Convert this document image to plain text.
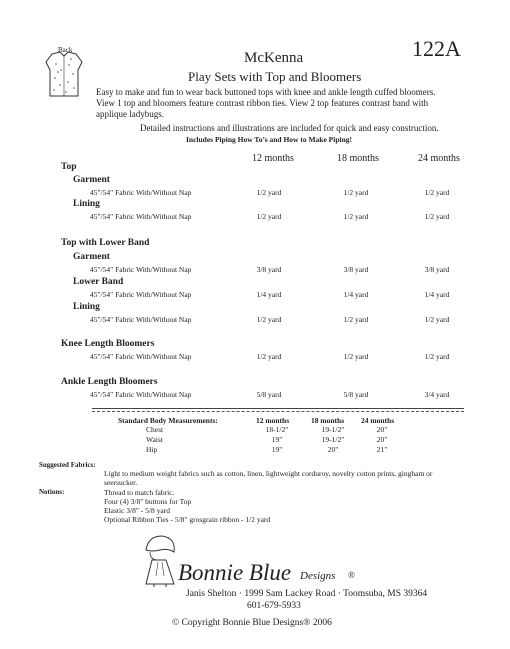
Back	122A
McKenna
Play Sets with Top and Bloomers
Easy to make and fun to wear back buttoned tops with knee and ankle length cuffed bloomers.
View 1 top and bloomers feature contrast ribbon ties. View 2 top features contrast band with
applique ladybugs.
Detailed instructions and illustrations are included for quick and easy construction.
Includes Piping How To’s and How to Make Piping!
12 months	18 months	24 months
Top
Garment
45"/54" Fabric With/Without Nap	1/2 yard	1/2 yard	1/2 yard
Lining
45"/54" Fabric With/Without Nap	1/2 yard	1/2 yard	1/2 yard
Top with Lower Band
Garment
45"/54" Fabric With/Without Nap	3/8 yard	3/8 yard	3/8 yard
Lower Band
45"/54" Fabric With/Without Nap	1/4 yard	1/4 yard	1/4 yard
Lining
45"/54" Fabric With/Without Nap	1/2 yard	1/2 yard	1/2 yard
Knee Length Bloomers
45"/54" Fabric With/Without Nap	1/2 yard	1/2 yard	1/2 yard
Ankle Length Bloomers
45"/54" Fabric With/Without Nap	5/8 yard	5/8 yard	3/4 yard
Standard Body Measurements:	12 months	18 months 24 months
Chest	18-1/2"	19-1/2"	20"
Waist	19"	19-1/2"	20"
Hip	19"	20"	21"
Suggested Fabrics:
Light to medium weight fabrics such as cotton, linen, lightweight corduroy, novelty cotton prints, gingham or
seersucker.
Notions:	Thread to match fabric.
Four (4) 3/8" buttons for Top
Elastic 3/8" - 5/8 yard
Optional Ribbon Ties - 5/8" grosgrain ribbon - 1/2 yard
Bonnie Blue Designs ®
Janis Shelton · 1999 Sam Lackey Road · Toomsuba, MS 39364
601-679-5933
© Copyright Bonnie Blue Designs® 2006
